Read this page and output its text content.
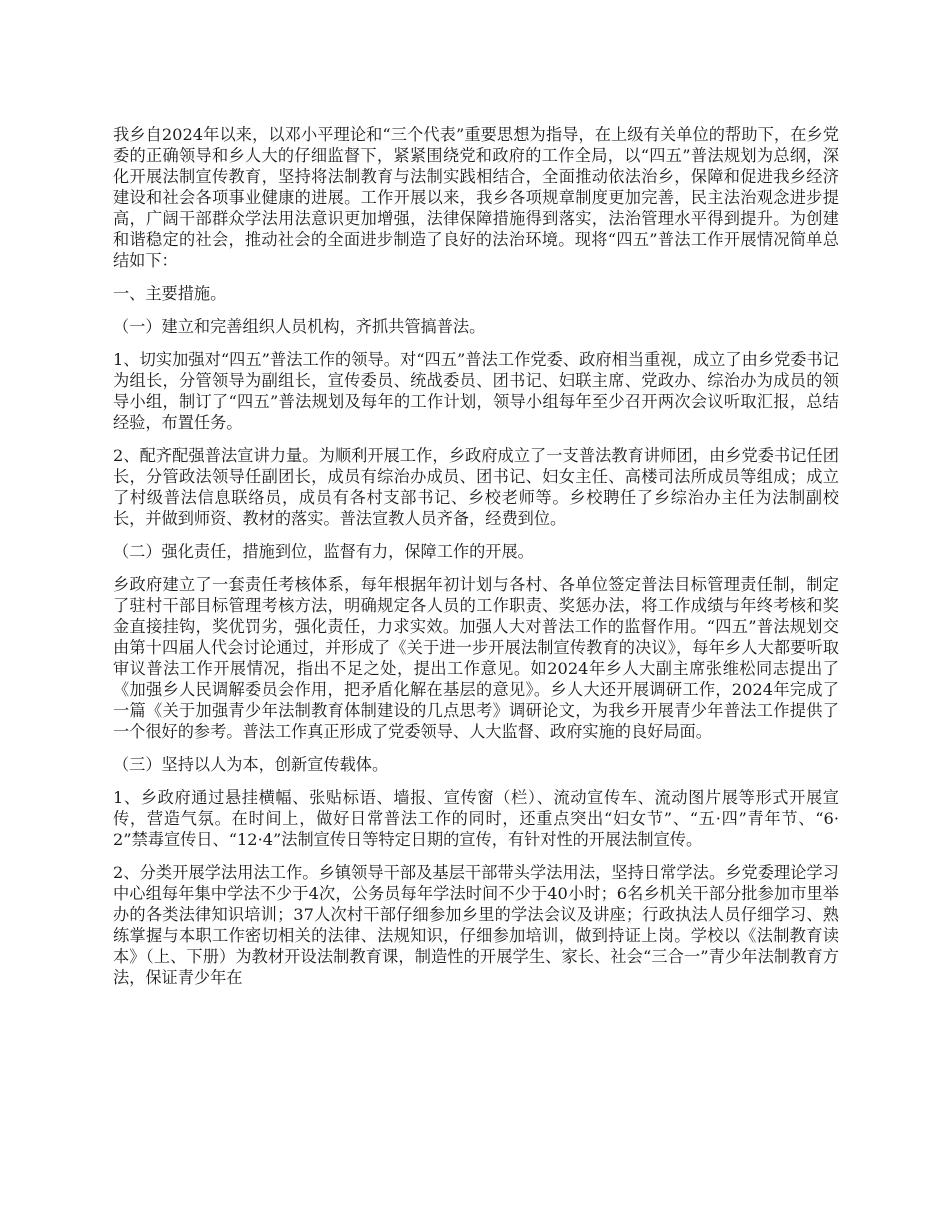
我乡自2024年以来，以邓小平理论和“三个代表”重要思想为指导，在上级有关单位的帮助下，在乡党委的正确领导和乡人大的仔细监督下，紧紧围绕党和政府的工作全局，以“四五”普法规划为总纲，深化开展法制宣传教育，坚持将法制教育与法制实践相结合，全面推动依法治乡，保障和促进我乡经济建设和社会各项事业健康的进展。工作开展以来，我乡各项规章制度更加完善，民主法治观念进步提高，广阔干部群众学法用法意识更加增强，法律保障措施得到落实，法治管理水平得到提升。为创建和谐稳定的社会，推动社会的全面进步制造了良好的法治环境。现将“四五”普法工作开展情况简单总结如下：

一、主要措施。

（一）建立和完善组织人员机构，齐抓共管搞普法。

1、切实加强对“四五”普法工作的领导。对“四五”普法工作党委、政府相当重视，成立了由乡党委书记为组长，分管领导为副组长，宣传委员、统战委员、团书记、妇联主席、党政办、综治办为成员的领导小组，制订了“四五”普法规划及每年的工作计划，领导小组每年至少召开两次会议听取汇报，总结经验，布置任务。

2、配齐配强普法宣讲力量。为顺利开展工作，乡政府成立了一支普法教育讲师团，由乡党委书记任团长，分管政法领导任副团长，成员有综治办成员、团书记、妇女主任、高楼司法所成员等组成；成立了村级普法信息联络员，成员有各村支部书记、乡校老师等。乡校聘任了乡综治办主任为法制副校长，并做到师资、教材的落实。普法宣教人员齐备，经费到位。

（二）强化责任，措施到位，监督有力，保障工作的开展。

乡政府建立了一套责任考核体系，每年根据年初计划与各村、各单位签定普法目标管理责任制，制定了驻村干部目标管理考核方法，明确规定各人员的工作职责、奖惩办法，将工作成绩与年终考核和奖金直接挂钩，奖优罚劣，强化责任，力求实效。加强人大对普法工作的监督作用。“四五”普法规划交由第十四届人代会讨论通过，并形成了《关于进一步开展法制宣传教育的决议》，每年乡人大都要听取审议普法工作开展情况，指出不足之处，提出工作意见。如2024年乡人大副主席张维松同志提出了《加强乡人民调解委员会作用，把矛盾化解在基层的意见》。乡人大还开展调研工作，2024年完成了一篇《关于加强青少年法制教育体制建设的几点思考》调研论文，为我乡开展青少年普法工作提供了一个很好的参考。普法工作真正形成了党委领导、人大监督、政府实施的良好局面。

（三）坚持以人为本，创新宣传载体。

1、乡政府通过悬挂横幅、张贴标语、墙报、宣传窗（栏）、流动宣传车、流动图片展等形式开展宣传，营造气氛。在时间上，做好日常普法工作的同时，还重点突出“妇女节”、“五·四”青年节、“6·2”禁毒宣传日、“12·4”法制宣传日等特定日期的宣传，有针对性的开展法制宣传。

2、分类开展学法用法工作。乡镇领导干部及基层干部带头学法用法，坚持日常学法。乡党委理论学习中心组每年集中学法不少于4次，公务员每年学法时间不少于40小时；6名乡机关干部分批参加市里举办的各类法律知识培训；37人次村干部仔细参加乡里的学法会议及讲座；行政执法人员仔细学习、熟练掌握与本职工作密切相关的法律、法规知识，仔细参加培训，做到持证上岗。学校以《法制教育读本》（上、下册）为教材开设法制教育课，制造性的开展学生、家长、社会“三合一”青少年法制教育方法，保证青少年在
